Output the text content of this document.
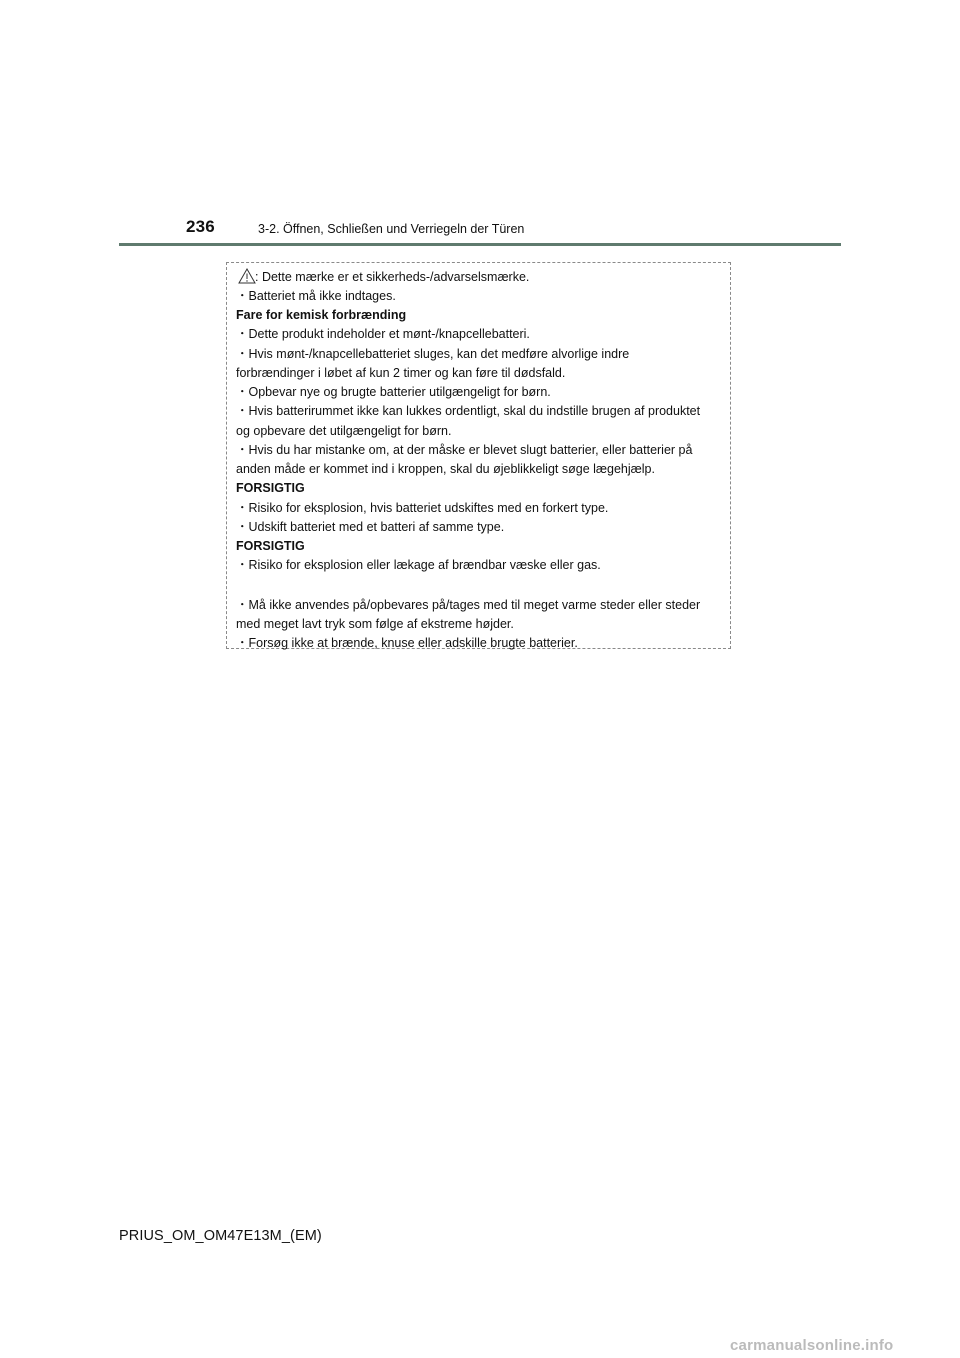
236	3-2. Öffnen, Schließen und Verriegeln der Türen
: Dette mærke er et sikkerheds-/advarselsmærke.
・Batteriet må ikke indtages.
Fare for kemisk forbrænding
・Dette produkt indeholder et mønt-/knapcellebatteri.
・Hvis mønt-/knapcellebatteriet sluges, kan det medføre alvorlige indre
forbrændinger i løbet af kun 2 timer og kan føre til dødsfald.
・Opbevar nye og brugte batterier utilgængeligt for børn.
・Hvis batterirummet ikke kan lukkes ordentligt, skal du indstille brugen af produktet
og opbevare det utilgængeligt for børn.
・Hvis du har mistanke om, at der måske er blevet slugt batterier, eller batterier på
anden måde er kommet ind i kroppen, skal du øjeblikkeligt søge lægehjælp.
FORSIGTIG
・Risiko for eksplosion, hvis batteriet udskiftes med en forkert type.
・Udskift batteriet med et batteri af samme type.
FORSIGTIG
・Risiko for eksplosion eller lækage af brændbar væske eller gas.
・Må ikke anvendes på/opbevares på/tages med til meget varme steder eller steder
med meget lavt tryk som følge af ekstreme højder.
・Forsøg ikke at brænde, knuse eller adskille brugte batterier.
PRIUS_OM_OM47E13M_(EM)
carmanualsonline.info
